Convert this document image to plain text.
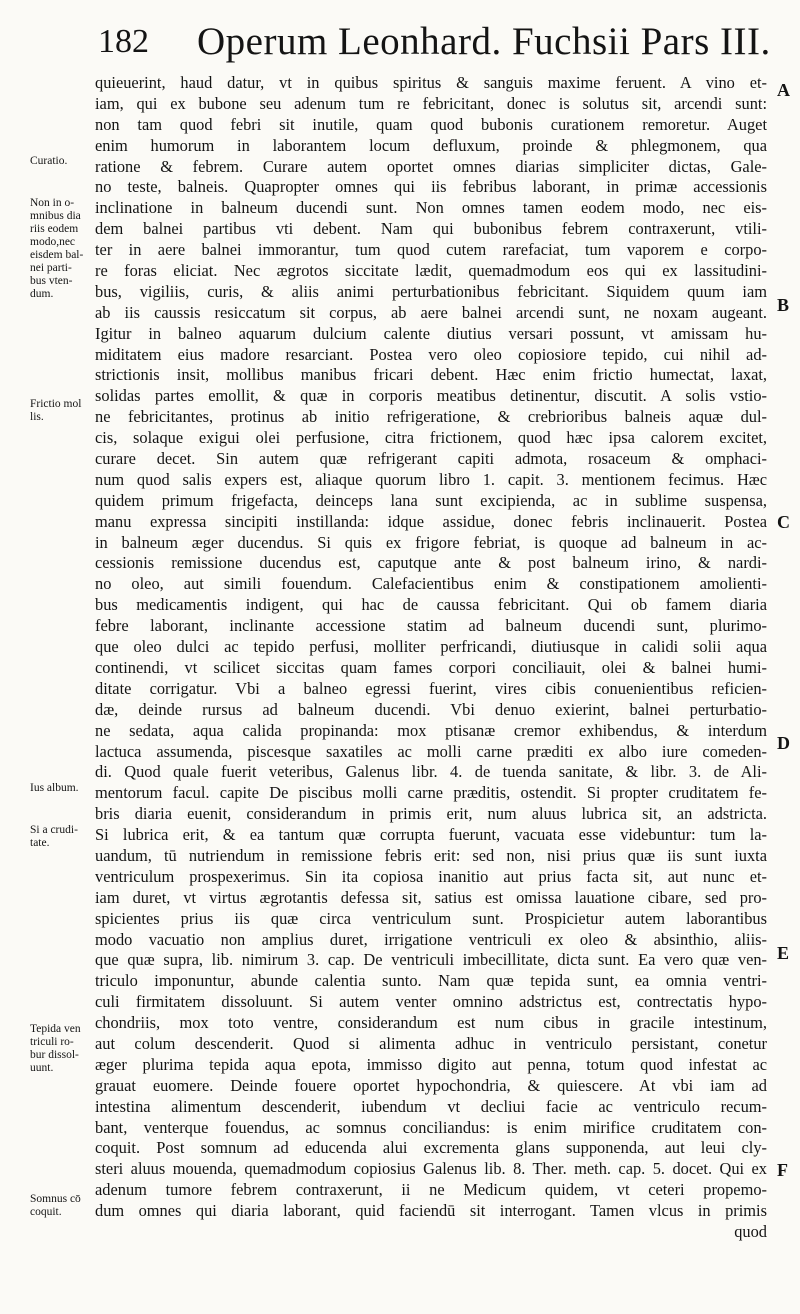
182 Operum Leonhard. Fuchsii Pars III.
Curatio.
Non in o-
mnibus dia
riis eodem
modo,nec
eisdem bal-
nei parti-
bus vten-
dum.
Frictio mol
lis.
Ius album.
Si a crudi-
tate.
Tepida ven
triculi ro-
bur dissol-
uunt.
Somnus cō
coquit.
A
B
C
D
E
F
quieuerint, haud datur, vt in quibus spiritus & sanguis maxime feruent. A vino et-
iam, qui ex bubone seu adenum tum re febricitant, donec is solutus sit, arcendi sunt:
non tam quod febri sit inutile, quam quod bubonis curationem remoretur. Auget
enim humorum in laborantem locum defluxum, proinde & phlegmonem, qua
ratione & febrem. Curare autem oportet omnes diarias simpliciter dictas, Gale-
no teste, balneis. Quapropter omnes qui iis febribus laborant, in primæ accessionis
inclinatione in balneum ducendi sunt. Non omnes tamen eodem modo, nec eis-
dem balnei partibus vti debent. Nam qui bubonibus febrem contraxerunt, vtili-
ter in aere balnei immorantur, tum quod cutem rarefaciat, tum vaporem e corpo-
re foras eliciat. Nec ægrotos siccitate lædit, quemadmodum eos qui ex lassitudini-
bus, vigiliis, curis, & aliis animi perturbationibus febricitant. Siquidem quum iam
ab iis caussis resiccatum sit corpus, ab aere balnei arcendi sunt, ne noxam augeant.
Igitur in balneo aquarum dulcium calente diutius versari possunt, vt amissam hu-
miditatem eius madore resarciant. Postea vero oleo copiosiore tepido, cui nihil ad-
strictionis insit, mollibus manibus fricari debent. Hæc enim frictio humectat, laxat,
solidas partes emollit, & quæ in corporis meatibus detinentur, discutit. A solis vstio-
ne febricitantes, protinus ab initio refrigeratione, & crebrioribus balneis aquæ dul-
cis, solaque exigui olei perfusione, citra frictionem, quod hæc ipsa calorem excitet,
curare decet. Sin autem quæ refrigerant capiti admota, rosaceum & omphaci-
num quod salis expers est, aliaque quorum libro 1. capit. 3. mentionem fecimus. Hæc
quidem primum frigefacta, deinceps lana sunt excipienda, ac in sublime suspensa,
manu expressa sincipiti instillanda: idque assidue, donec febris inclinauerit. Postea
in balneum æger ducendus. Si quis ex frigore febriat, is quoque ad balneum in ac-
cessionis remissione ducendus est, caputque ante & post balneum irino, & nardi-
no oleo, aut simili fouendum. Calefacientibus enim & constipationem amolienti-
bus medicamentis indigent, qui hac de caussa febricitant. Qui ob famem diaria
febre laborant, inclinante accessione statim ad balneum ducendi sunt, plurimo-
que oleo dulci ac tepido perfusi, molliter perfricandi, diutiusque in calidi solii aqua
continendi, vt scilicet siccitas quam fames corpori conciliauit, olei & balnei humi-
ditate corrigatur. Vbi a balneo egressi fuerint, vires cibis conuenientibus reficien-
dæ, deinde rursus ad balneum ducendi. Vbi denuo exierint, balnei perturbatio-
ne sedata, aqua calida propinanda: mox ptisanæ cremor exhibendus, & interdum
lactuca assumenda, piscesque saxatiles ac molli carne præditi ex albo iure comeden-
di. Quod quale fuerit veteribus, Galenus libr. 4. de tuenda sanitate, & libr. 3. de Ali-
mentorum facul. capite De piscibus molli carne præditis, ostendit. Si propter cruditatem fe-
bris diaria euenit, considerandum in primis erit, num aluus lubrica sit, an adstricta.
Si lubrica erit, & ea tantum quæ corrupta fuerunt, vacuata esse videbuntur: tum la-
uandum, tū nutriendum in remissione febris erit: sed non, nisi prius quæ iis sunt iuxta
ventriculum prospexerimus. Sin ita copiosa inanitio aut prius facta sit, aut nunc et-
iam duret, vt virtus ægrotantis defessa sit, satius est omissa lauatione cibare, sed pro-
spicientes prius iis quæ circa ventriculum sunt. Prospicietur autem laborantibus
modo vacuatio non amplius duret, irrigatione ventriculi ex oleo & absinthio, aliis-
que quæ supra, lib. nimirum 3. cap. De ventriculi imbecillitate, dicta sunt. Ea vero quæ ven-
triculo imponuntur, abunde calentia sunto. Nam quæ tepida sunt, ea omnia ventri-
culi firmitatem dissoluunt. Si autem venter omnino adstrictus est, contrectatis hypo-
chondriis, mox toto ventre, considerandum est num cibus in gracile intestinum,
aut colum descenderit. Quod si alimenta adhuc in ventriculo persistant, conetur
æger plurima tepida aqua epota, immisso digito aut penna, totum quod infestat ac
grauat euomere. Deinde fouere oportet hypochondria, & quiescere. At vbi iam ad
intestina alimentum descenderit, iubendum vt decliui facie ac ventriculo recum-
bant, venterque fouendus, ac somnus conciliandus: is enim mirifice cruditatem con-
coquit. Post somnum ad educenda alui excrementa glans supponenda, aut leui cly-
steri aluus mouenda, quemadmodum copiosius Galenus lib. 8. Ther. meth. cap. 5. docet. Qui ex
adenum tumore febrem contraxerunt, ii ne Medicum quidem, vt ceteri propemo-
dum omnes qui diaria laborant, quid faciendū sit interrogant. Tamen vlcus in primis
quod
